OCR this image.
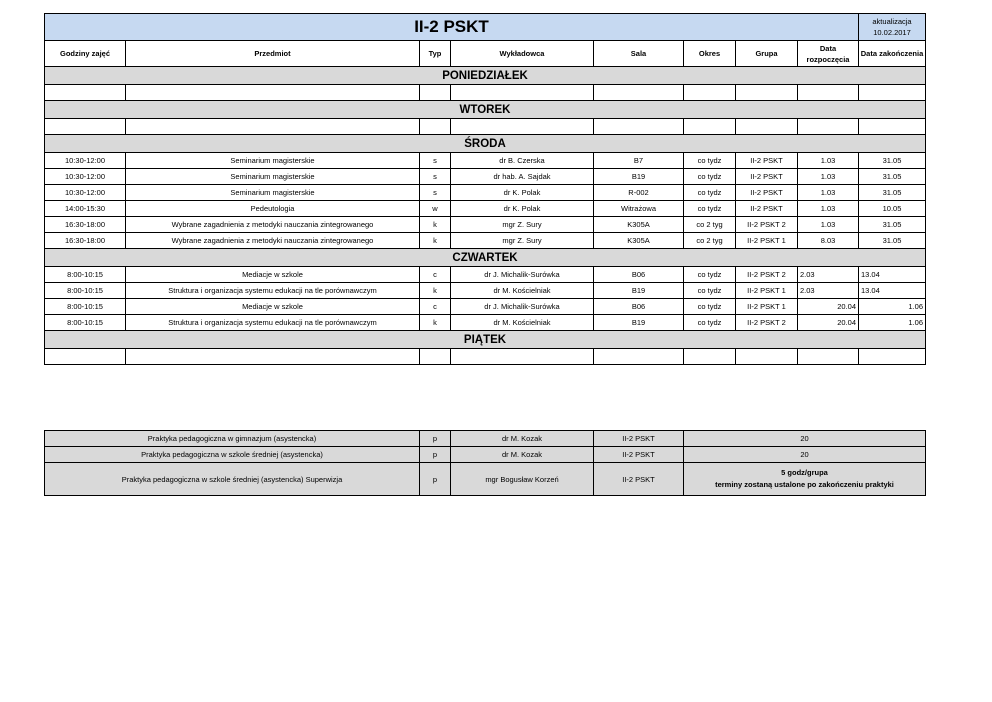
II-2 PSKT								aktualizacja
10.02.2017

Godziny zajęć	Przedmiot	Typ	Wykładowca	Sala	Okres	Grupa	Data rozpoczęcia	Data zakończenia
PONIEDZIAŁEK								

WTOREK								

ŚRODA								
10:30-12:00	Seminarium magisterskie	s	dr B. Czerska	B7	co tydz	II-2 PSKT	1.03	31.05
10:30-12:00	Seminarium magisterskie	s	dr hab. A. Sajdak	B19	co tydz	II-2 PSKT	1.03	31.05
10:30-12:00	Seminarium magisterskie	s	dr K. Polak	R-002	co tydz	II-2 PSKT	1.03	31.05
14:00-15:30	Pedeutologia	w	dr K. Polak	Witrażowa	co tydz	II-2 PSKT	1.03	10.05
16:30-18:00	Wybrane zagadnienia z metodyki nauczania zintegrowanego	k	mgr Z. Sury	K305A	co 2 tyg	II-2 PSKT 2	1.03	31.05
16:30-18:00	Wybrane zagadnienia z metodyki nauczania zintegrowanego	k	mgr Z. Sury	K305A	co 2 tyg	II-2 PSKT 1	8.03	31.05
CZWARTEK								
8:00-10:15	Mediacje w szkole	c	dr J. Michalik-Surówka	B06	co tydz	II-2 PSKT 2	2.03	13.04
8:00-10:15	Struktura i organizacja systemu edukacji na tle porównawczym	k	dr M. Kościelniak	B19	co tydz	II-2 PSKT 1	2.03	13.04
8:00-10:15	Mediacje w szkole	c	dr J. Michalik-Surówka	B06	co tydz	II-2 PSKT 1	20.04	1.06
8:00-10:15	Struktura i organizacja systemu edukacji na tle porównawczym	k	dr M. Kościelniak	B19	co tydz	II-2 PSKT 2	20.04	1.06
PIĄTEK								

Praktyka pedagogiczna w gimnazjum (asystencka)	p	dr M. Kozak	II-2 PSKT	20
Praktyka pedagogiczna w szkole średniej (asystencka)	p	dr M. Kozak	II-2 PSKT	20
Praktyka pedagogiczna w szkole średniej (asystencka) Superwizja	p	mgr Bogusław Korzeń	II-2 PSKT	5 godz/grupa
terminy zostaną ustalone po zakończeniu praktyki
